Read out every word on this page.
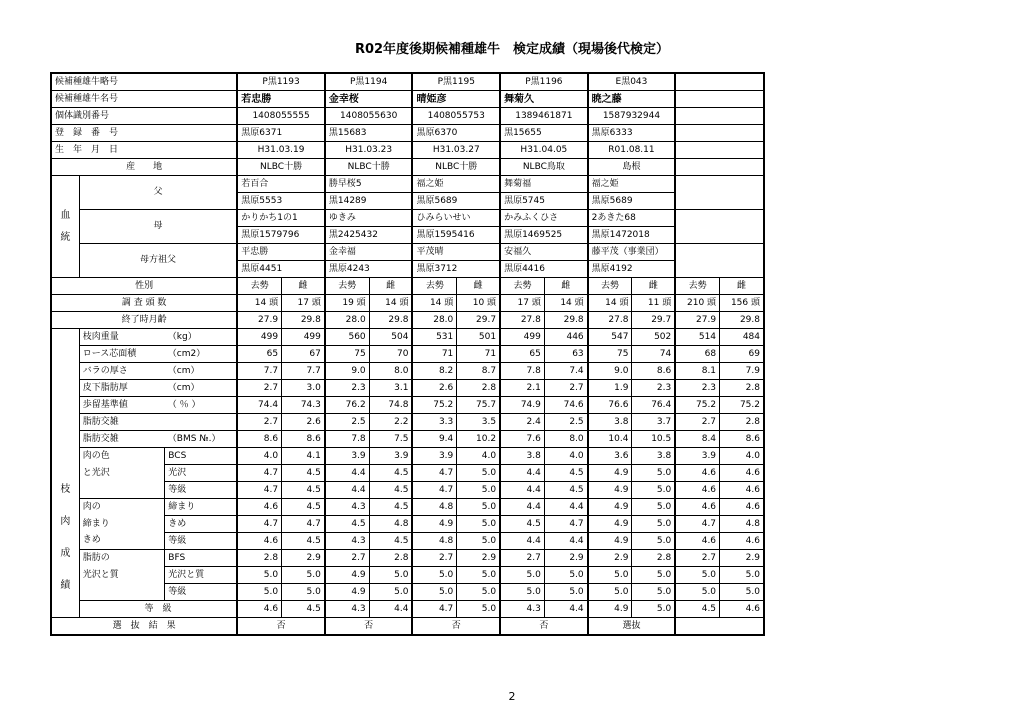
R02年度後期候補種雄牛　検定成績（現場後代検定）
候補種雄牛略号			P黒1193		P黒1194		P黒1195		P黒1196		E黒043			
候補種雄牛名号			若忠勝		金幸桜		晴姫彦		舞菊久		暁之藤			
個体識別番号			1408055555		1408055630		1408055753		1389461871		1587932944			
登　録　番　号			黒原6371		黒15683		黒原6370		黒15655		黒原6333			
生　年　月　日			H31.03.19		H31.03.23		H31.03.27		H31.04.05		R01.08.11			
産　　地			NLBC十勝		NLBC十勝		NLBC十勝		NLBC鳥取		島根			

血
統	父		若百合		勝早桜5		福之姫		舞菊福		福之姫			
			黒原5553		黒14289		黒原5689		黒原5745		黒原5689			
	母		かりかち1の1		ゆきみ		ひみらいせい		かみふくひさ		2あきた68			
			黒原1579796		黒2425432		黒原1595416		黒原1469525		黒原1472018			
	母方祖父		平忠勝		金幸福		平茂晴		安福久		藤平茂（事業団）			
			黒原4451		黒原4243		黒原3712		黒原4416		黒原4192			
性別			去勢	雌	去勢	雌	去勢	雌	去勢	雌	去勢	雌	去勢	雌
調 査 頭 数			14 頭	17 頭	19 頭	14 頭	14 頭	10 頭	17 頭	14 頭	14 頭	11 頭	210 頭	156 頭
終了時月齢			27.9	29.8	28.0	29.8	28.0	29.7	27.8	29.8	27.8	29.7	27.9	29.8

枝
肉
成
績	枝肉重量	（kg）	499	499	560	504	531	501	499	446	547	502	514	484
	ロース芯面積	（cm2）	65	67	75	70	71	71	65	63	75	74	68	69
	バラの厚さ	（cm）	7.7	7.7	9.0	8.0	8.2	8.7	7.8	7.4	9.0	8.6	8.1	7.9
	皮下脂肪厚	（cm）	2.7	3.0	2.3	3.1	2.6	2.8	2.1	2.7	1.9	2.3	2.3	2.8
	歩留基準値	（ ％ ）	74.4	74.3	76.2	74.8	75.2	75.7	74.9	74.6	76.6	76.4	75.2	75.2
	脂肪交雑		2.7	2.6	2.5	2.2	3.3	3.5	2.4	2.5	3.8	3.7	2.7	2.8
	脂肪交雑	（BMS №.）	8.6	8.6	7.8	7.5	9.4	10.2	7.6	8.0	10.4	10.5	8.4	8.6
	肉の色	BCS	4.0	4.1	3.9	3.9	3.9	4.0	3.8	4.0	3.6	3.8	3.9	4.0
	と光沢	光沢	4.7	4.5	4.4	4.5	4.7	5.0	4.4	4.5	4.9	5.0	4.6	4.6
		等級	4.7	4.5	4.4	4.5	4.7	5.0	4.4	4.5	4.9	5.0	4.6	4.6
	肉の	締まり	4.6	4.5	4.3	4.5	4.8	5.0	4.4	4.4	4.9	5.0	4.6	4.6
	締まり	きめ	4.7	4.7	4.5	4.8	4.9	5.0	4.5	4.7	4.9	5.0	4.7	4.8
	きめ	等級	4.6	4.5	4.3	4.5	4.8	5.0	4.4	4.4	4.9	5.0	4.6	4.6
	脂肪の	BFS	2.8	2.9	2.7	2.8	2.7	2.9	2.7	2.9	2.9	2.8	2.7	2.9
	光沢と質	光沢と質	5.0	5.0	4.9	5.0	5.0	5.0	5.0	5.0	5.0	5.0	5.0	5.0
		等級	5.0	5.0	4.9	5.0	5.0	5.0	5.0	5.0	5.0	5.0	5.0	5.0
	等　級		4.6	4.5	4.3	4.4	4.7	5.0	4.3	4.4	4.9	5.0	4.5	4.6
選　抜　結　果			否		否		否		否		選抜			
2
